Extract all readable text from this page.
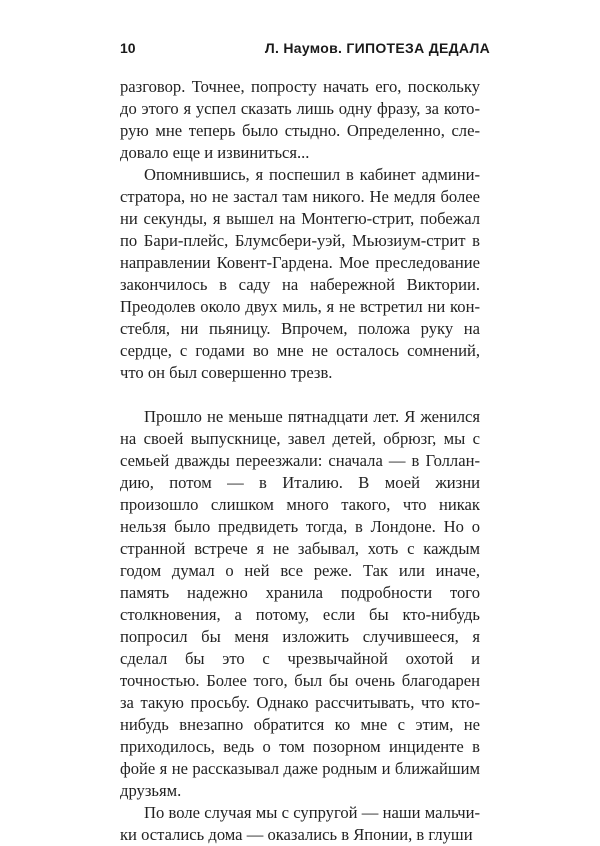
10	Л. Наумов. ГИПОТЕЗА ДЕДАЛА

разговор. Точнее, попросту начать его, поскольку до этого я успел сказать лишь одну фразу, за которую мне теперь было стыдно. Определенно, следовало еще и извиниться...

Опомнившись, я поспешил в кабинет администратора, но не застал там никого. Не медля более ни секунды, я вышел на Монтегю-стрит, побежал по Бари-плейс, Блумсбери-уэй, Мьюзиум-стрит в направлении Ковент-Гардена. Мое преследование закончилось в саду на набережной Виктории. Преодолев около двух миль, я не встретил ни констебля, ни пьяницу. Впрочем, положа руку на сердце, с годами во мне не осталось сомнений, что он был совершенно трезв.

Прошло не меньше пятнадцати лет. Я женился на своей выпускнице, завел детей, обрюзг, мы с семьей дважды переезжали: сначала — в Голландию, потом — в Италию. В моей жизни произошло слишком много такого, что никак нельзя было предвидеть тогда, в Лондоне. Но о странной встрече я не забывал, хоть с каждым годом думал о ней все реже. Так или иначе, память надежно хранила подробности того столкновения, а потому, если бы кто-нибудь попросил бы меня изложить случившееся, я сделал бы это с чрезвычайной охотой и точностью. Более того, был бы очень благодарен за такую просьбу. Однако рассчитывать, что кто-нибудь внезапно обратится ко мне с этим, не приходилось, ведь о том позорном инциденте в фойе я не рассказывал даже родным и ближайшим друзьям.

По воле случая мы с супругой — наши мальчики остались дома — оказались в Японии, в глуши
